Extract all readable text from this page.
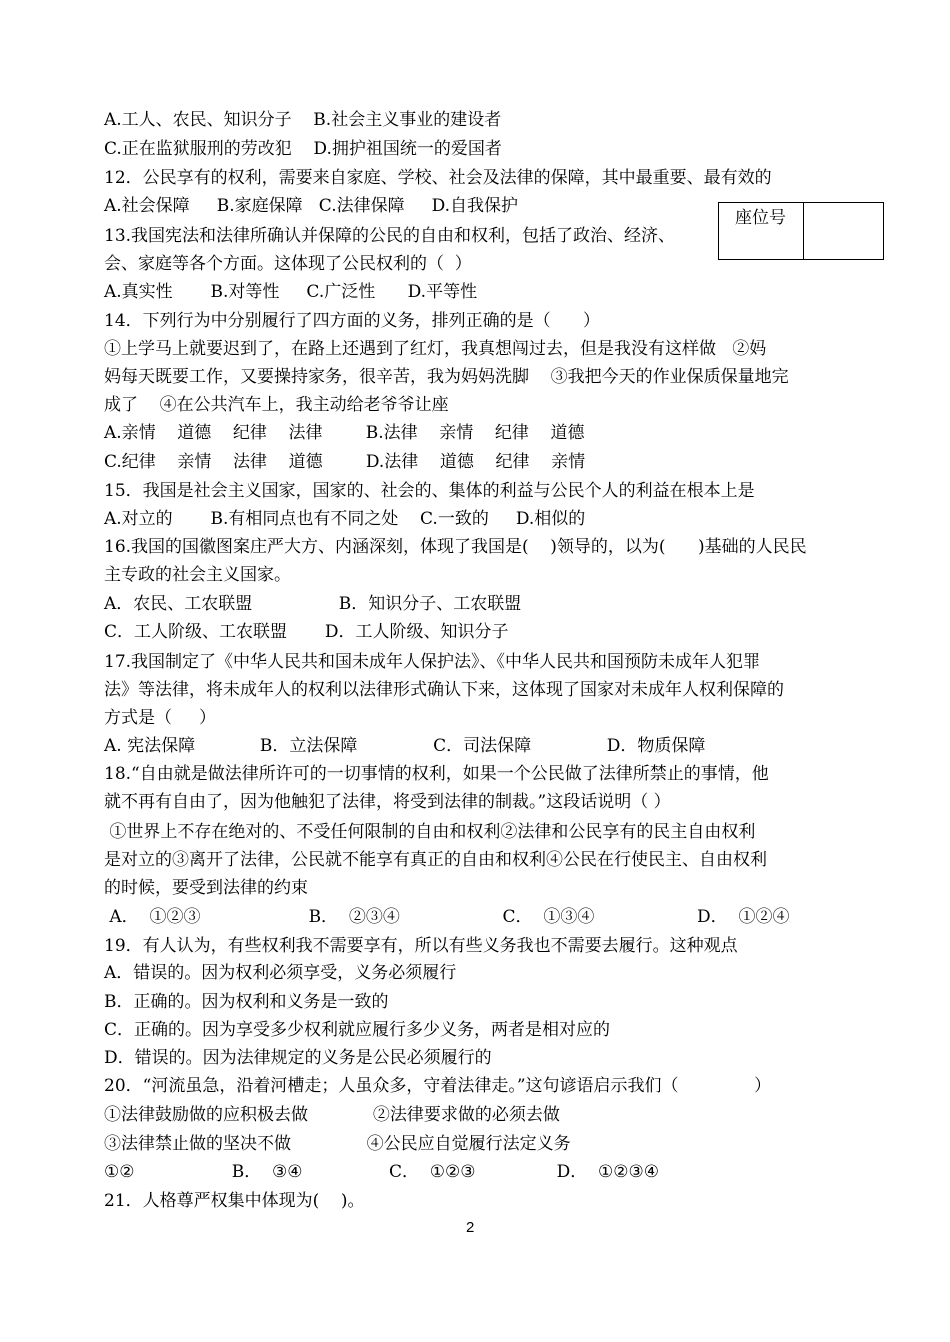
A.工人、农民、知识分子    B.社会主义事业的建设者
C.正在监狱服刑的劳改犯    D.拥护祖国统一的爱国者
12．公民享有的权利，需要来自家庭、学校、社会及法律的保障，其中最重要、最有效的
A.社会保障     B.家庭保障   C.法律保障     D.自我保护
13.我国宪法和法律所确认并保障的公民的自由和权利，包括了政治、经济、
会、家庭等各个方面。这体现了公民权利的（  ）
A.真实性       B.对等性     C.广泛性      D.平等性
14．下列行为中分别履行了四方面的义务，排列正确的是（      ）
①上学马上就要迟到了，在路上还遇到了红灯，我真想闯过去，但是我没有这样做   ②妈
妈每天既要工作，又要操持家务，很辛苦，我为妈妈洗脚    ③我把今天的作业保质保量地完
成了    ④在公共汽车上，我主动给老爷爷让座
A.亲情    道德    纪律    法律        B.法律    亲情    纪律    道德
C.纪律    亲情    法律    道德        D.法律    道德    纪律    亲情
15．我国是社会主义国家，国家的、社会的、集体的利益与公民个人的利益在根本上是
A.对立的       B.有相同点也有不同之处    C.一致的     D.相似的
16.我国的国徽图案庄严大方、内涵深刻，体现了我国是(    )领导的，以为(      )基础的人民民
主专政的社会主义国家。
A．农民、工农联盟                B．知识分子、工农联盟
C．工人阶级、工农联盟       D．工人阶级、知识分子
17.我国制定了《中华人民共和国未成年人保护法》、《中华人民共和国预防未成年人犯罪
法》等法律，将未成年人的权利以法律形式确认下来，这体现了国家对未成年人权利保障的
方式是（     ）
A. 宪法保障            B．立法保障              C．司法保障              D．物质保障
18.“自由就是做法律所许可的一切事情的权利，如果一个公民做了法律所禁止的事情，他
就不再有自由了，因为他触犯了法律，将受到法律的制裁。”这段话说明（ ）
①世界上不存在绝对的、不受任何限制的自由和权利②法律和公民享有的民主自由权利
是对立的③离开了法律，公民就不能享有真正的自由和权利④公民在行使民主、自由权利
的时候，要受到法律的约束
A．  ①②③                    B．  ②③④                   C．  ①③④                   D．  ①②④
19．有人认为，有些权利我不需要享有，所以有些义务我也不需要去履行。这种观点
A．错误的。因为权利必须享受，义务必须履行
B．正确的。因为权利和义务是一致的
C．正确的。因为享受多少权利就应履行多少义务，两者是相对应的
D．错误的。因为法律规定的义务是公民必须履行的
20．“河流虽急，沿着河槽走；人虽众多，守着法律走。”这句谚语启示我们（              ）
①法律鼓励做的应积极去做            ②法律要求做的必须去做
③法律禁止做的坚决不做              ④公民应自觉履行法定义务
①②                  B．  ③④                C．  ①②③               D．  ①②③④
21．人格尊严权集中体现为(    )。
座位号
2
